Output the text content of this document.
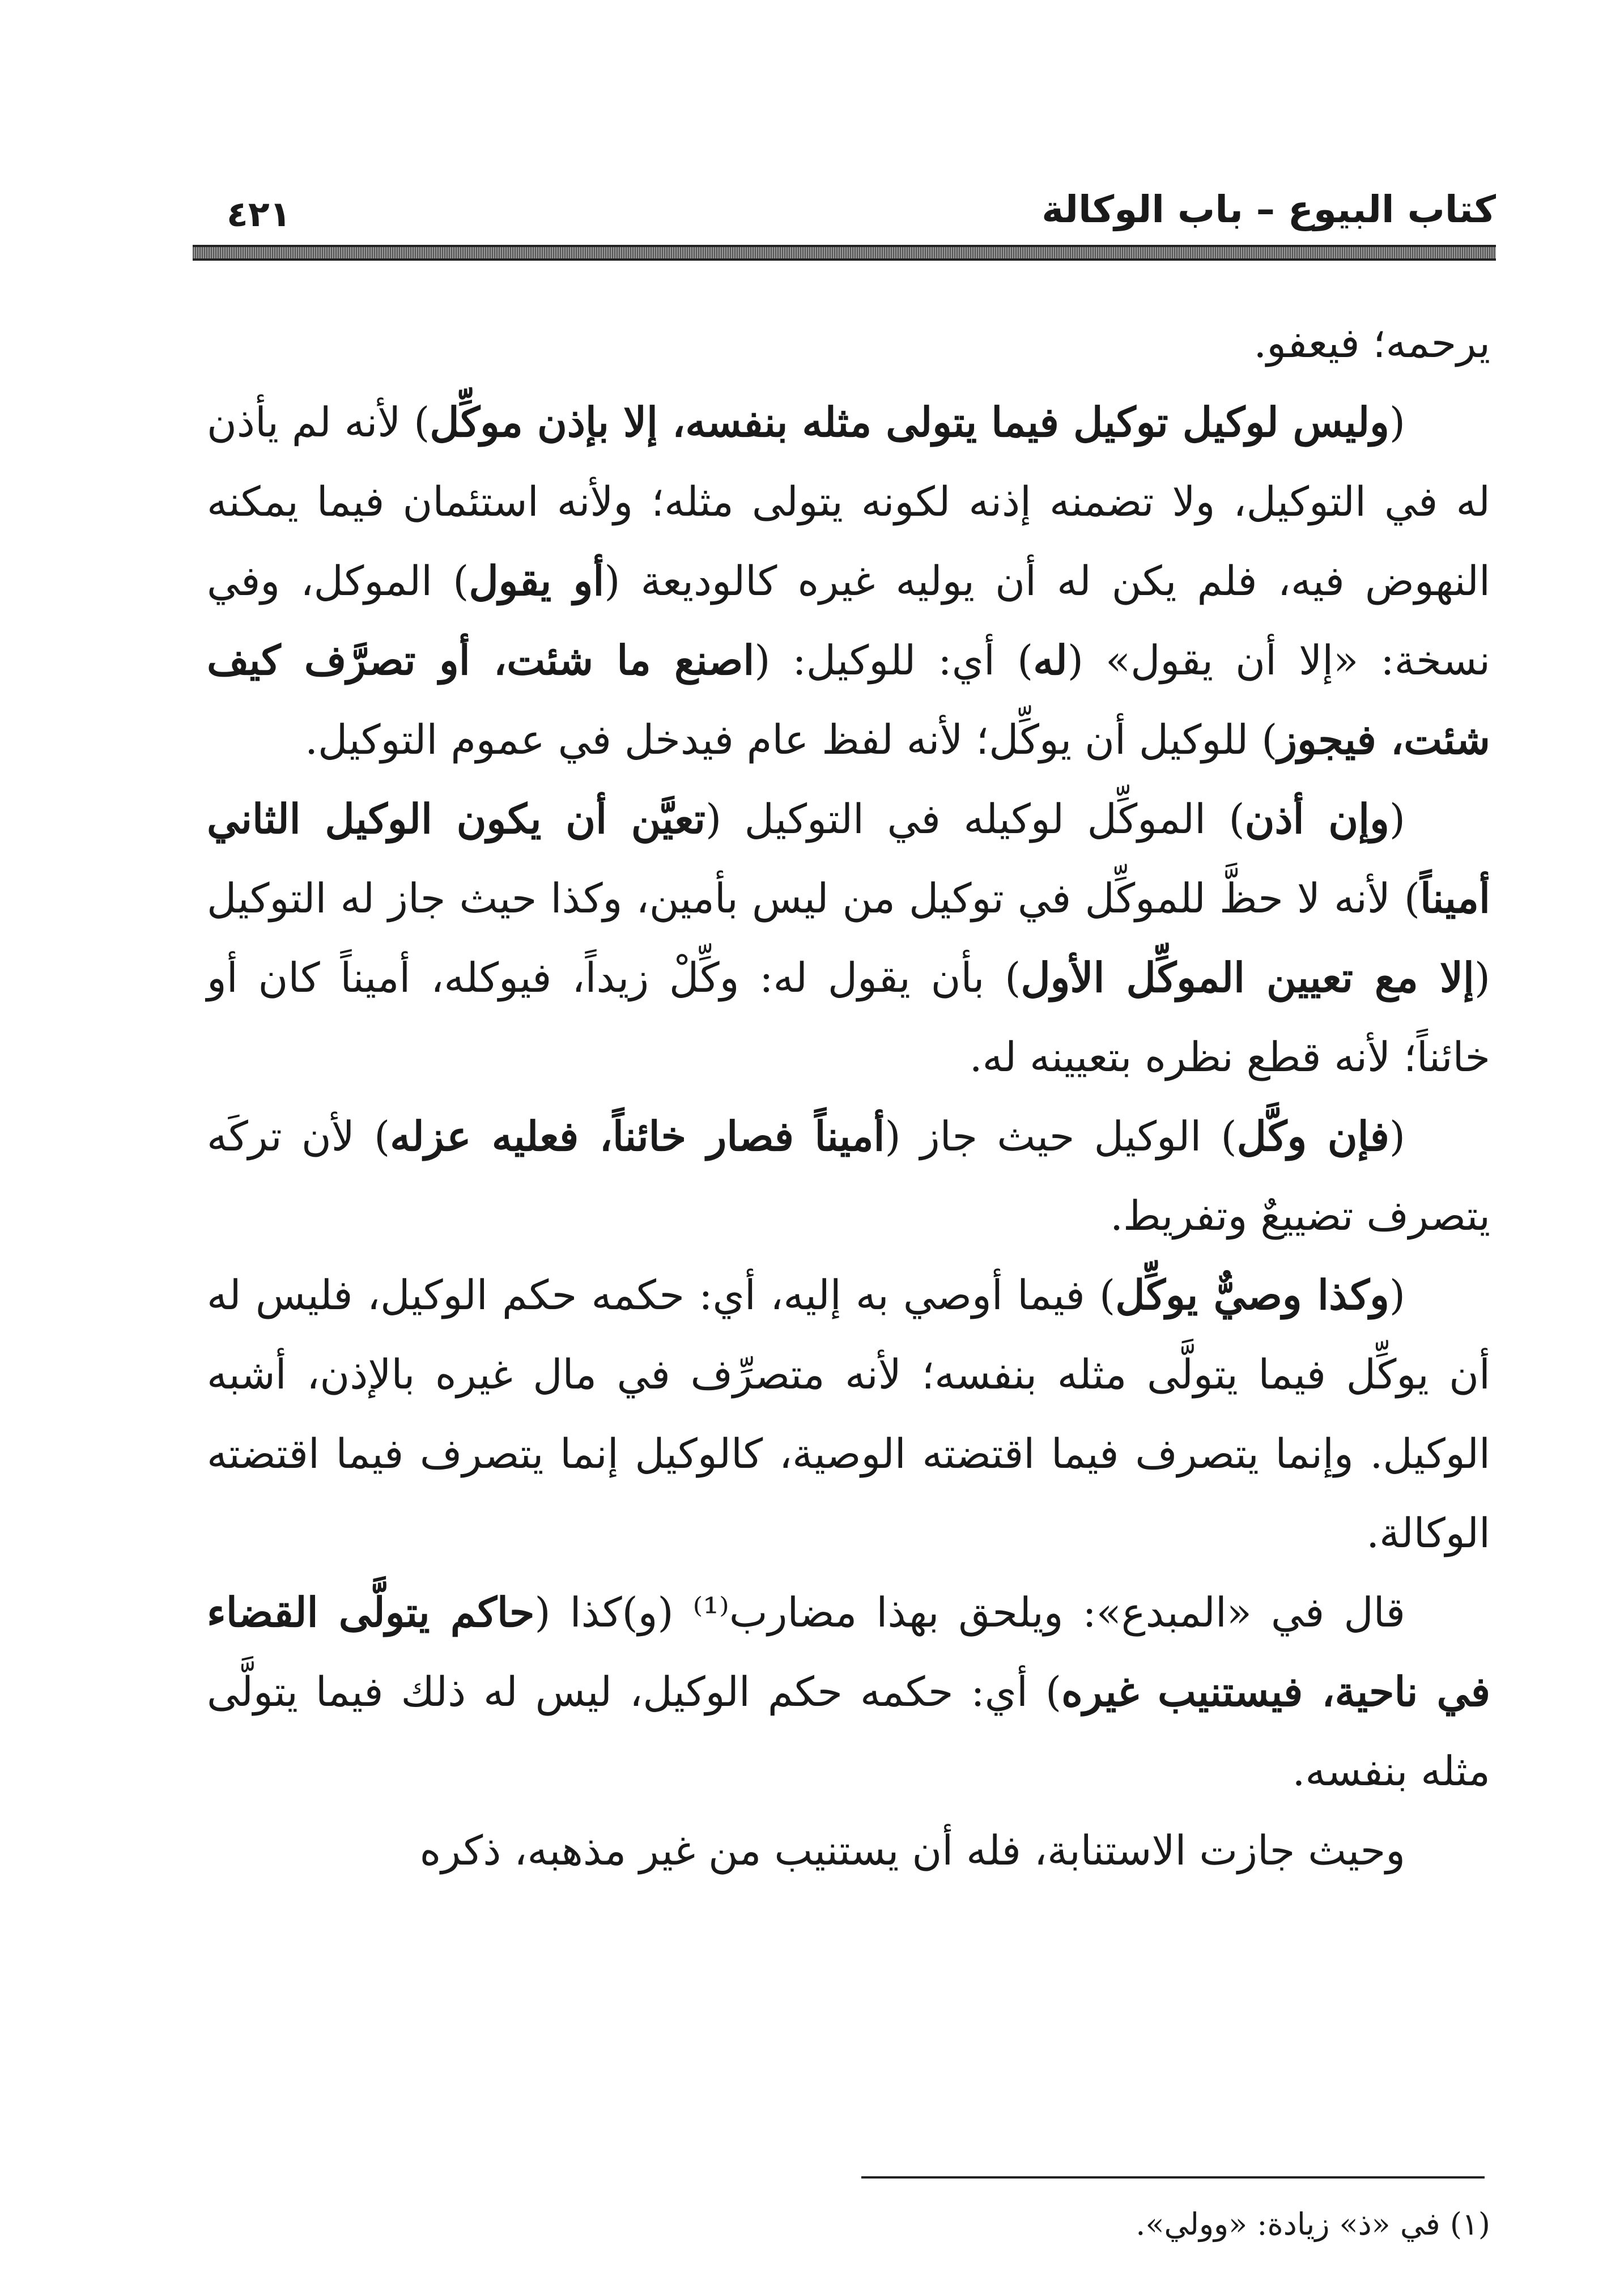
كتاب البيوع – باب الوكالة
٤٢١

يرحمه؛ فيعفو.

(وليس لوكيل توكيل فيما يتولى مثله بنفسه، إلا بإذن موكِّل) لأنه لم يأذن له في التوكيل، ولا تضمنه إذنه لكونه يتولى مثله؛ ولأنه استئمان فيما يمكنه النهوض فيه، فلم يكن له أن يوليه غيره كالوديعة (أو يقول) الموكل، وفي نسخة: «إلا أن يقول» (له) أي: للوكيل: (اصنع ما شئت، أو تصرَّف كيف شئت، فيجوز) للوكيل أن يوكِّل؛ لأنه لفظ عام فيدخل في عموم التوكيل.

(وإن أذن) الموكِّل لوكيله في التوكيل (تعيَّن أن يكون الوكيل الثاني أميناً) لأنه لا حظَّ للموكِّل في توكيل من ليس بأمين، وكذا حيث جاز له التوكيل (إلا مع تعيين الموكِّل الأول) بأن يقول له: وكِّلْ زيداً، فيوكله، أميناً كان أو خائناً؛ لأنه قطع نظره بتعيينه له.

(فإن وكَّل) الوكيل حيث جاز (أميناً فصار خائناً، فعليه عزله) لأن تركَه يتصرف تضييعٌ وتفريط.

(وكذا وصيٌّ يوكِّل) فيما أوصي به إليه، أي: حكمه حكم الوكيل، فليس له أن يوكِّل فيما يتولَّى مثله بنفسه؛ لأنه متصرِّف في مال غيره بالإذن، أشبه الوكيل. وإنما يتصرف فيما اقتضته الوصية، كالوكيل إنما يتصرف فيما اقتضته الوكالة.

قال في «المبدع»: ويلحق بهذا مضارب⁽¹⁾ (و)كذا (حاكم يتولَّى القضاء في ناحية، فيستنيب غيره) أي: حكمه حكم الوكيل، ليس له ذلك فيما يتولَّى مثله بنفسه.

وحيث جازت الاستنابة، فله أن يستنيب من غير مذهبه، ذكره

(١) في «ذ» زيادة: «وولي».
